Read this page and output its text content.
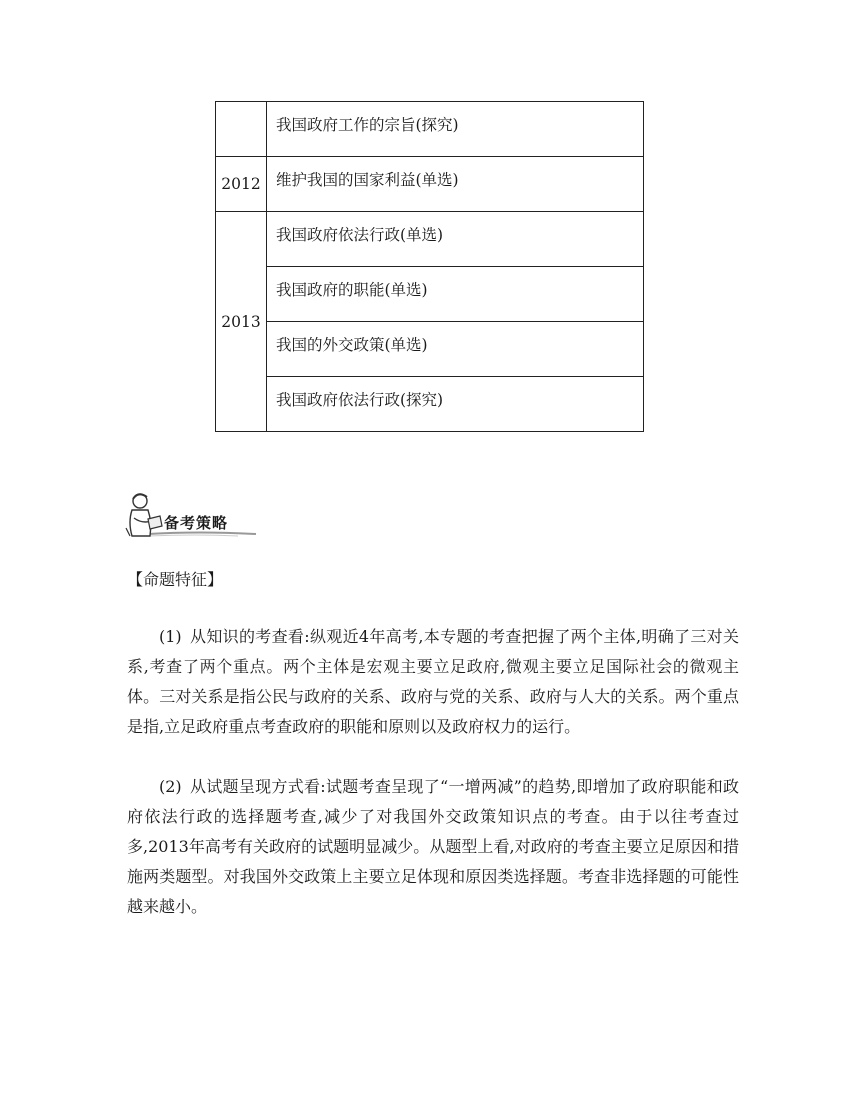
	我国政府工作的宗旨(探究)
2012	维护我国的国家利益(单选)
2013	我国政府依法行政(单选)
	我国政府的职能(单选)
	我国的外交政策(单选)
	我国政府依法行政(探究)
备考策略
【命题特征】

(1) 从知识的考查看:纵观近4年高考,本专题的考查把握了两个主体,明确了三对关系,考查了两个重点。两个主体是宏观主要立足政府,微观主要立足国际社会的微观主体。三对关系是指公民与政府的关系、政府与党的关系、政府与人大的关系。两个重点是指,立足政府重点考查政府的职能和原则以及政府权力的运行。

(2) 从试题呈现方式看:试题考查呈现了“一增两减”的趋势,即增加了政府职能和政府依法行政的选择题考查,减少了对我国外交政策知识点的考查。由于以往考查过多,2013年高考有关政府的试题明显减少。从题型上看,对政府的考查主要立足原因和措施两类题型。对我国外交政策上主要立足体现和原因类选择题。考查非选择题的可能性越来越小。
